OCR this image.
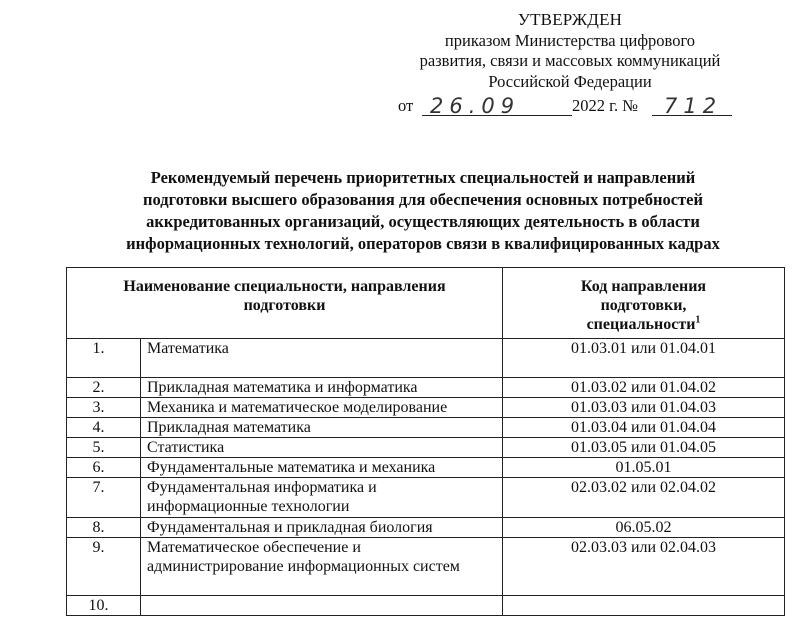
УТВЕРЖДЕН
приказом Министерства цифрового
развития, связи и массовых коммуникаций
Российской Федерации
от 26.09	2022 г. № 712
Рекомендуемый перечень приоритетных специальностей и направлений
подготовки высшего образования для обеспечения основных потребностей
аккредитованных организаций, осуществляющих деятельность в области
информационных технологий, операторов связи в квалифицированных кадрах
Наименование специальности, направления подготовки		Код направления подготовки, специальности$^1$

1.	Математика	01.03.01 или 01.04.01
2.	Прикладная математика и информатика	01.03.02 или 01.04.02
3.	Механика и математическое моделирование	01.03.03 или 01.04.03
4.	Прикладная математика	01.03.04 или 01.04.04
5.	Статистика	01.03.05 или 01.04.05
6.	Фундаментальные математика и механика	01.05.01
7.	Фундаментальная информатика и информационные технологии	02.03.02 или 02.04.02
8.	Фундаментальная и прикладная биология	06.05.02
9.	Математическое обеспечение и администрирование информационных систем	02.03.03 или 02.04.03
10.		
